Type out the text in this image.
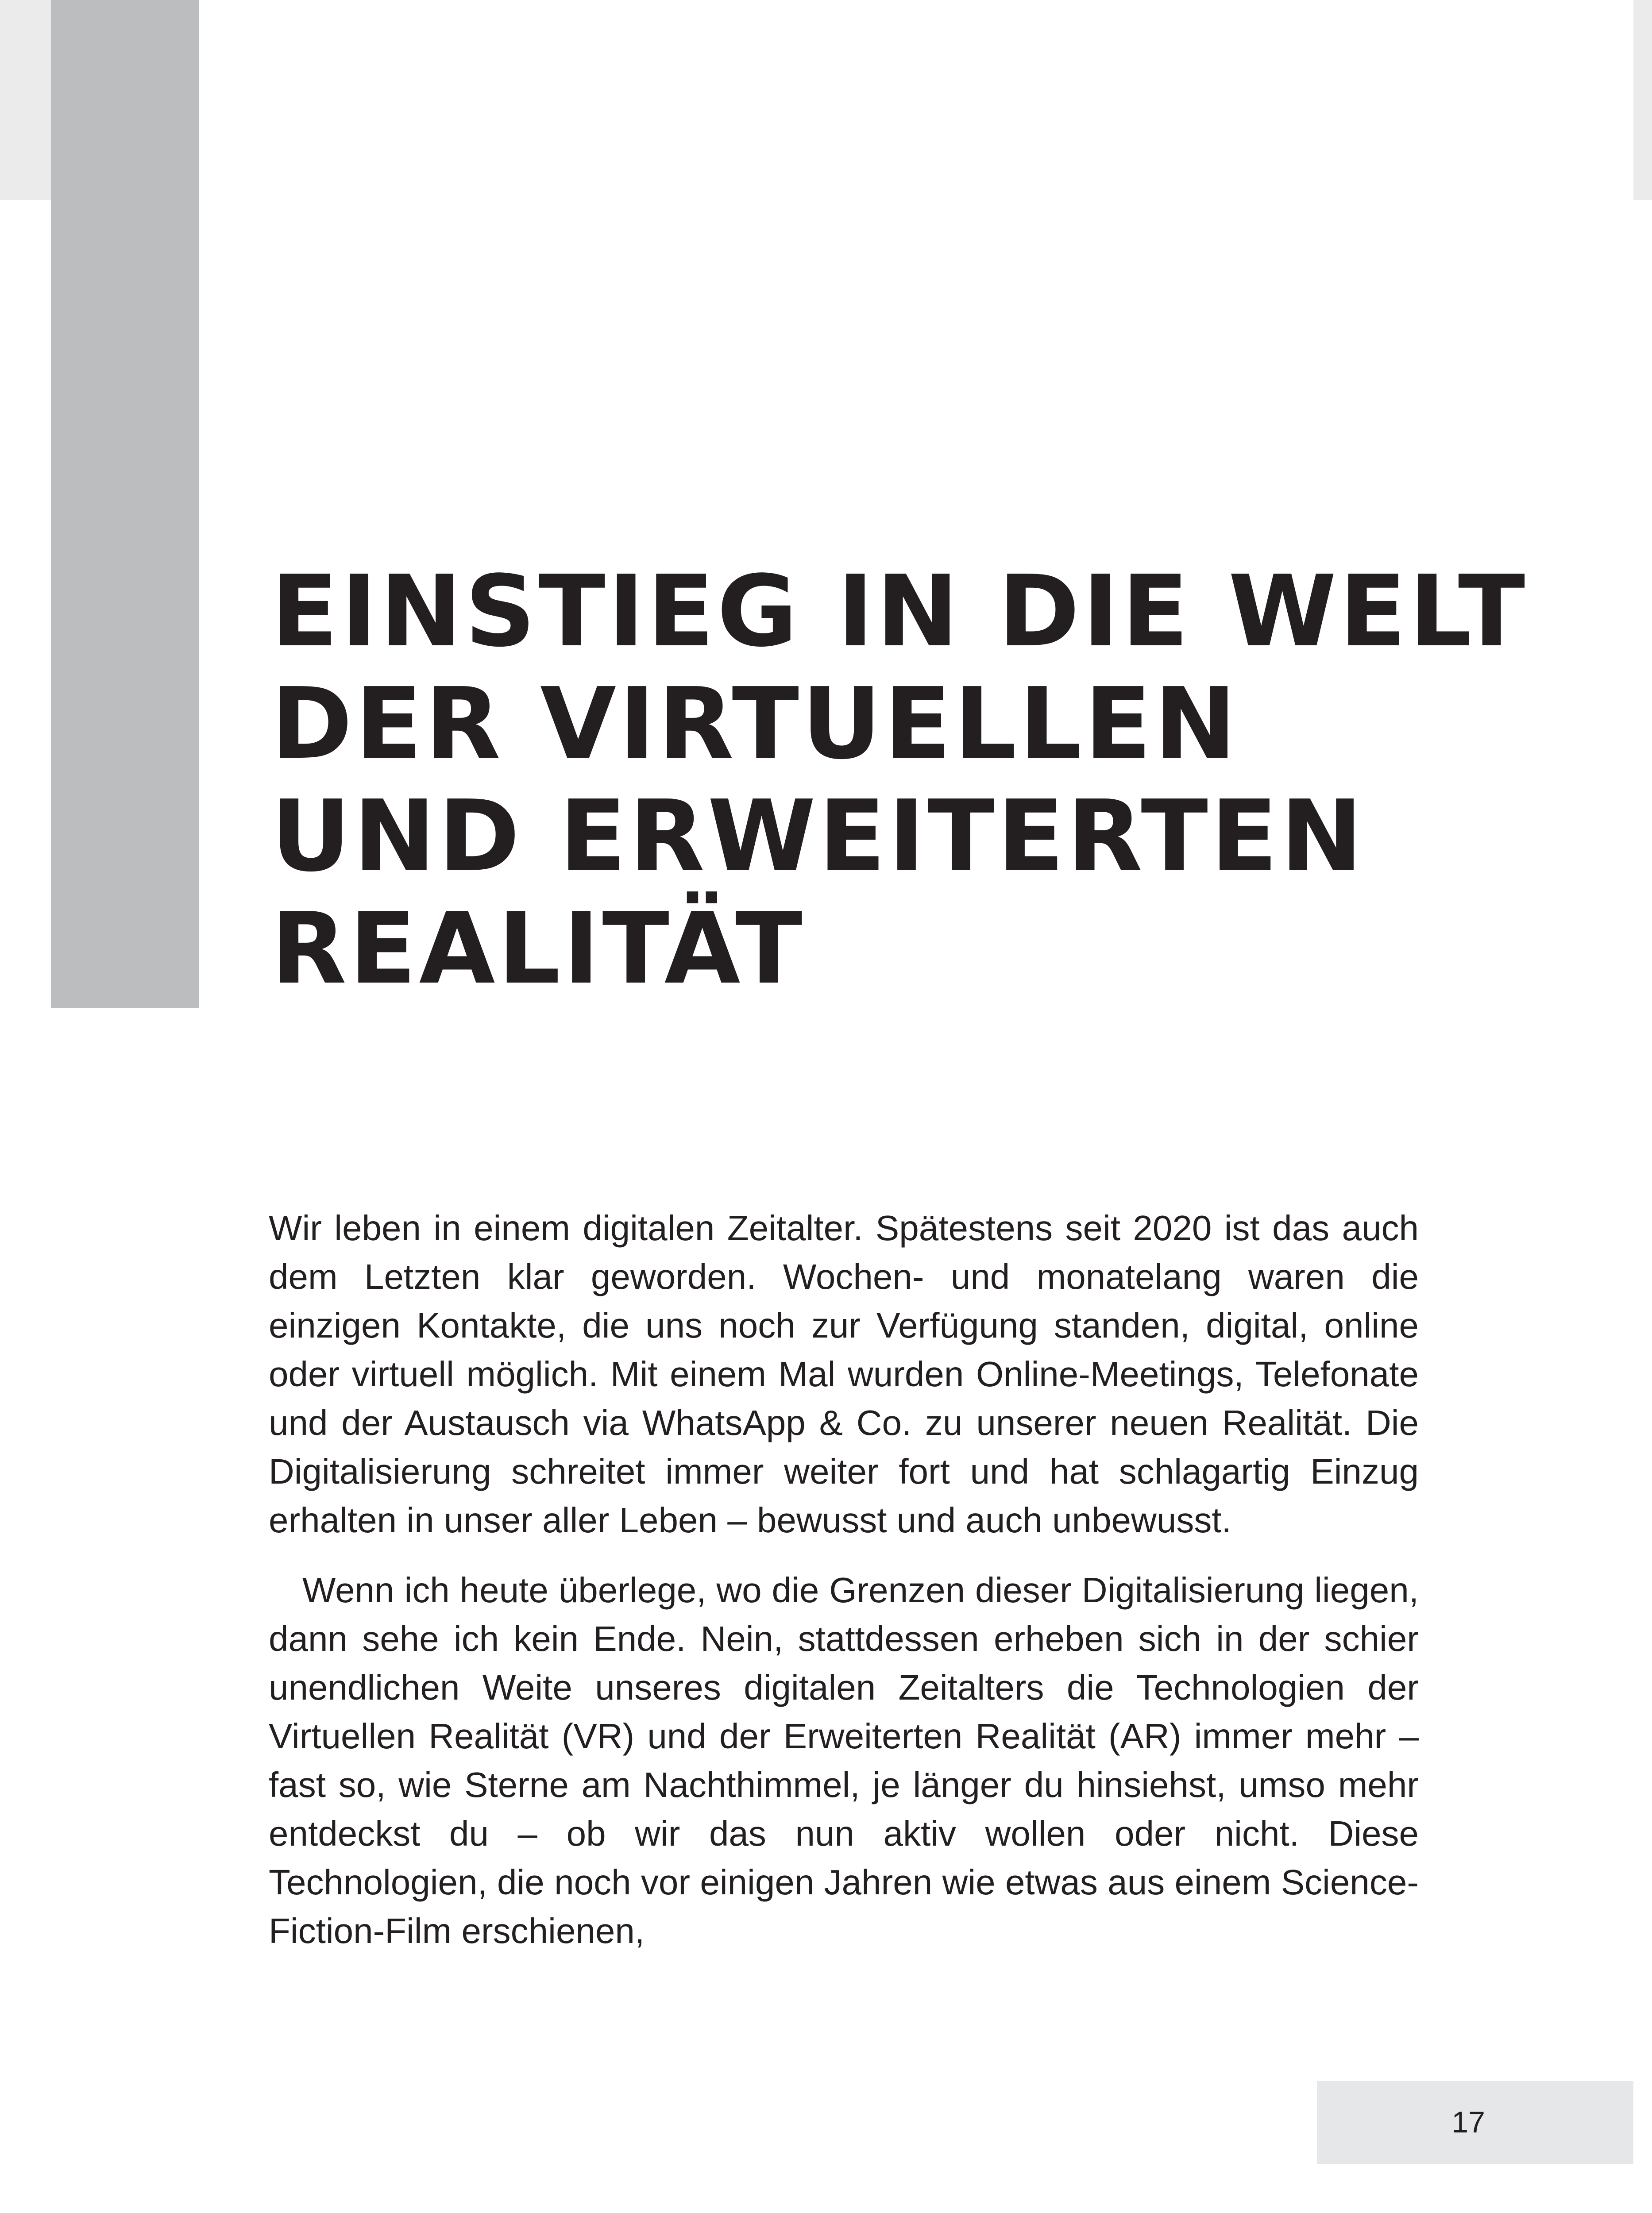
EINSTIEG IN DIE WELT
DER VIRTUELLEN
UND ERWEITERTEN
REALITÄT

Wir leben in einem digitalen Zeitalter. Spätestens seit 2020 ist das auch dem Letzten klar geworden. Wochen- und monatelang waren die einzigen Kontakte, die uns noch zur Verfügung standen, digital, online oder virtuell möglich. Mit einem Mal wurden Online-Meetings, Telefonate und der Austausch via WhatsApp & Co. zu unserer neuen Realität. Die Digitalisierung schreitet immer weiter fort und hat schlagartig Einzug erhalten in unser aller Leben – bewusst und auch unbewusst.

Wenn ich heute überlege, wo die Grenzen dieser Digitalisierung liegen, dann sehe ich kein Ende. Nein, stattdessen erheben sich in der schier unendlichen Weite unseres digitalen Zeitalters die Technologien der Virtuellen Realität (VR) und der Erweiterten Realität (AR) immer mehr – fast so, wie Sterne am Nachthimmel, je länger du hinsiehst, umso mehr entdeckst du – ob wir das nun aktiv wollen oder nicht. Diese Technologien, die noch vor einigen Jahren wie etwas aus einem Science-Fiction-Film erschienen,

17
